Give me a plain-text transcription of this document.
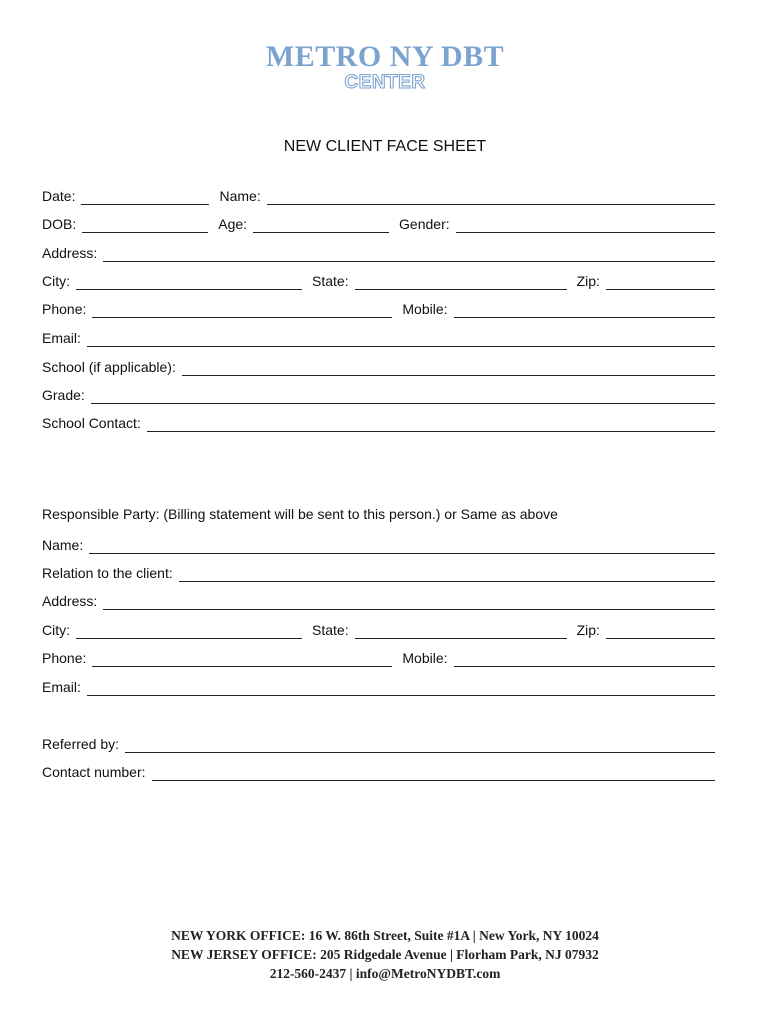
METRO NY DBT
CENTER
NEW CLIENT FACE SHEET
Date:	Name:
DOB:	Age:	Gender:
Address:
City:	State:	Zip:
Phone:	Mobile:
Email:
School (if applicable):
Grade:
School Contact:
Responsible Party: (Billing statement will be sent to this person.) or Same as above
Name:
Relation to the client:
Address:
City:	State:	Zip:
Phone:	Mobile:
Email:
Referred by:
Contact number:
NEW YORK OFFICE: 16 W. 86th Street, Suite #1A | New York, NY 10024
NEW JERSEY OFFICE: 205 Ridgedale Avenue | Florham Park, NJ 07932
212-560-2437 | info@MetroNYDBT.com
